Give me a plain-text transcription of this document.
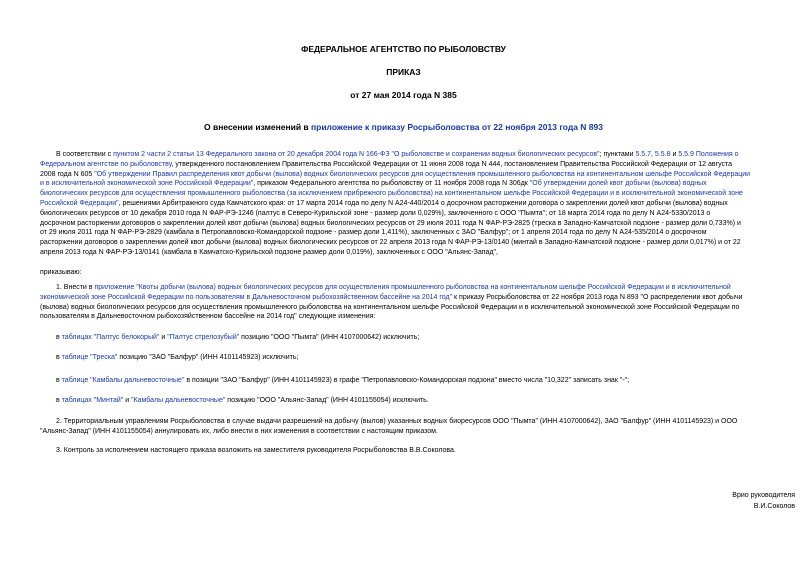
ФЕДЕРАЛЬНОЕ АГЕНТСТВО ПО РЫБОЛОВСТВУ
ПРИКАЗ
от 27 мая 2014 года N 385
О внесении изменений в приложение к приказу Росрыболовства от 22 ноября 2013 года N 893
В соответствии с пунктом 2 части 2 статьи 13 Федерального закона от 20 декабря 2004 года N 166-ФЗ "О рыболовстве и сохранении водных биологических ресурсов"; пунктами 5.5.7, 5.5.8 и 5.5.9 Положения о
Федеральном агентстве по рыболовству, утвержденного постановлением Правительства Российской Федерации от 11 июня 2008 года N 444, постановлением Правительства Российской Федерации от 12 августа
2008 года N 605 "Об утверждении Правил распределения квот добычи (вылова) водных биологических ресурсов для осуществления промышленного рыболовства на континентальном шельфе Российской Федерации
и в исключительной экономической зоне Российской Федерации", приказом Федерального агентства по рыболовству от 11 ноября 2008 года N 306дк "Об утверждении долей квот добычи (вылова) водных
биологических ресурсов для осуществления промышленного рыболовства (за исключением прибрежного рыболовства) на континентальном шельфе Российской Федерации и в исключительной экономической зоне
Российской Федерации", решениями Арбитражного суда Камчатского края: от 17 марта 2014 года по делу N А24-440/2014 о досрочном расторжении договора о закреплении долей квот добычи (вылова) водных
биологических ресурсов от 10 декабря 2010 года N ФАР-РЭ-1246 (палтус в Северо-Курильской зоне - размер доли 0,029%), заключенного с ООО "Пымта"; от 18 марта 2014 года по делу N А24-5330/2013 о
досрочном расторжении договоров о закреплении долей квот добычи (вылова) водных биологических ресурсов от 29 июля 2011 года N ФАР-РЭ-2825 (треска в Западно-Камчатской подзоне - размер доли 0,733%) и
от 29 июля 2011 года N ФАР-РЭ-2829 (камбала в Петропавловско-Командорской подзоне - размер доли 1,411%), заключенных с ЗАО "Балфур"; от 1 апреля 2014 года по делу N А24-535/2014 о досрочном
расторжении договоров о закреплении долей квот добычи (вылова) водных биологических ресурсов от 22 апреля 2013 года N ФАР-РЭ-13/0140 (минтай в Западно-Камчатской подзоне - размер доли 0,017%) и от 22
апреля 2013 года N ФАР-РЭ-13/0141 (камбала в Камчатско-Курильской подзоне размер доли 0,019%), заключенных с ООО "Альянс-Запад",
приказываю:
1. Внести в приложение "Квоты добычи (вылова) водных биологических ресурсов для осуществления промышленного рыболовства на континентальном шельфе Российской Федерации и в исключительной
экономической зоне Российской Федерации по пользователям в Дальневосточном рыбохозяйственном бассейне на 2014 год" к приказу Росрыболовства от 22 ноября 2013 года N 893 "О распределении квот добычи
(вылова) водных биологических ресурсов для осуществления промышленного рыболовства на континентальном шельфе Российской Федерации и в исключительной экономической зоне Российской Федерации по
пользователям в Дальневосточном рыбохозяйственном бассейне на 2014 год" следующие изменения:
в таблицах "Палтус белокорый" и "Палтус стрелозубый" позицию "ООО "Пымта" (ИНН 4107000642) исключить;
в таблице "Треска" позицию "ЗАО "Балфур" (ИНН 4101145923) исключить;
в таблице "Камбалы дальневосточные" в позиции "ЗАО "Балфур" (ИНН 4101145923) в графе "Петропавловско-Командорская подзона" вместо числа "10,322" записать знак "-";
в таблицах "Минтай" и "Камбалы дальневосточные" позицию "ООО "Альянс-Запад" (ИНН 4101155054) исключить.
2. Территориальным управлениям Росрыболовства в случае выдачи разрешений на добычу (вылов) указанных водных биоресурсов ООО "Пымта" (ИНН 4107000642), ЗАО "Балфур" (ИНН 4101145923) и ООО
"Альянс-Запад" (ИНН 4101155054) аннулировать их, либо внести в них изменения в соответствии с настоящим приказом.
3. Контроль за исполнением настоящего приказа возложить на заместителя руководителя Росрыболовства В.В.Соколова.
Врио руководителя
В.И.Соколов
